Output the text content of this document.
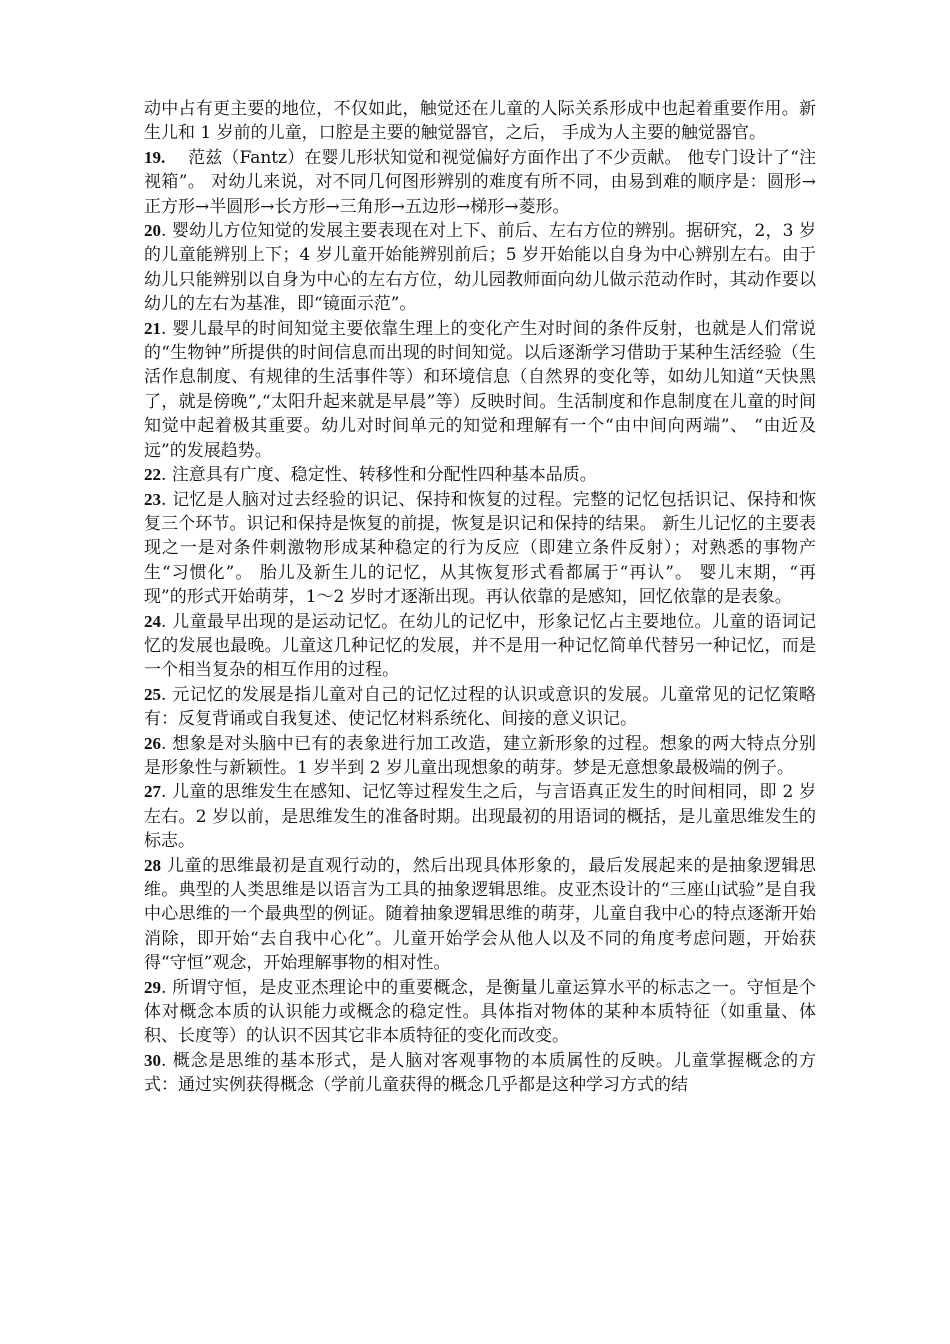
动中占有更主要的地位，不仅如此，触觉还在儿童的人际关系形成中也起着重要作用。新生儿和 1 岁前的儿童，口腔是主要的触觉器官，之后， 手成为人主要的触觉器官。

19.　 范兹（Fantz）在婴儿形状知觉和视觉偏好方面作出了不少贡献。 他专门设计了“注视箱”。 对幼儿来说，对不同几何图形辨别的难度有所不同，由易到难的顺序是：圆形→正方形→半圆形→长方形→三角形→五边形→梯形→菱形。

20. 婴幼儿方位知觉的发展主要表现在对上下、前后、左右方位的辨别。据研究，2，3 岁的儿童能辨别上下；4 岁儿童开始能辨别前后；5 岁开始能以自身为中心辨别左右。由于幼儿只能辨别以自身为中心的左右方位，幼儿园教师面向幼儿做示范动作时，其动作要以幼儿的左右为基准，即“镜面示范”。

21. 婴儿最早的时间知觉主要依靠生理上的变化产生对时间的条件反射，也就是人们常说的“生物钟”所提供的时间信息而出现的时间知觉。以后逐渐学习借助于某种生活经验（生活作息制度、有规律的生活事件等）和环境信息（自然界的变化等，如幼儿知道“天快黑了，就是傍晚”,“太阳升起来就是早晨”等）反映时间。生活制度和作息制度在儿童的时间知觉中起着极其重要。幼儿对时间单元的知觉和理解有一个“由中间向两端”、 “由近及远”的发展趋势。

22. 注意具有广度、稳定性、转移性和分配性四种基本品质。

23. 记忆是人脑对过去经验的识记、保持和恢复的过程。完整的记忆包括识记、保持和恢复三个环节。识记和保持是恢复的前提，恢复是识记和保持的结果。 新生儿记忆的主要表现之一是对条件刺激物形成某种稳定的行为反应（即建立条件反射）；对熟悉的事物产生“习惯化”。 胎儿及新生儿的记忆，从其恢复形式看都属于“再认”。 婴儿末期，“再现”的形式开始萌芽，1～2 岁时才逐渐出现。再认依靠的是感知，回忆依靠的是表象。

24. 儿童最早出现的是运动记忆。在幼儿的记忆中，形象记忆占主要地位。儿童的语词记忆的发展也最晚。儿童这几种记忆的发展，并不是用一种记忆简单代替另一种记忆，而是一个相当复杂的相互作用的过程。

25. 元记忆的发展是指儿童对自己的记忆过程的认识或意识的发展。儿童常见的记忆策略有：反复背诵或自我复述、使记忆材料系统化、间接的意义识记。

26. 想象是对头脑中已有的表象进行加工改造，建立新形象的过程。想象的两大特点分别是形象性与新颖性。1 岁半到 2 岁儿童出现想象的萌芽。梦是无意想象最极端的例子。

27. 儿童的思维发生在感知、记忆等过程发生之后，与言语真正发生的时间相同，即 2 岁左右。2 岁以前，是思维发生的准备时期。出现最初的用语词的概括，是儿童思维发生的标志。

28 儿童的思维最初是直观行动的，然后出现具体形象的，最后发展起来的是抽象逻辑思维。典型的人类思维是以语言为工具的抽象逻辑思维。皮亚杰设计的“三座山试验”是自我中心思维的一个最典型的例证。随着抽象逻辑思维的萌芽，儿童自我中心的特点逐渐开始消除，即开始“去自我中心化”。儿童开始学会从他人以及不同的角度考虑问题，开始获得“守恒”观念，开始理解事物的相对性。

29. 所谓守恒，是皮亚杰理论中的重要概念，是衡量儿童运算水平的标志之一。守恒是个体对概念本质的认识能力或概念的稳定性。具体指对物体的某种本质特征（如重量、体积、长度等）的认识不因其它非本质特征的变化而改变。

30. 概念是思维的基本形式，是人脑对客观事物的本质属性的反映。儿童掌握概念的方式：通过实例获得概念（学前儿童获得的概念几乎都是这种学习方式的结
